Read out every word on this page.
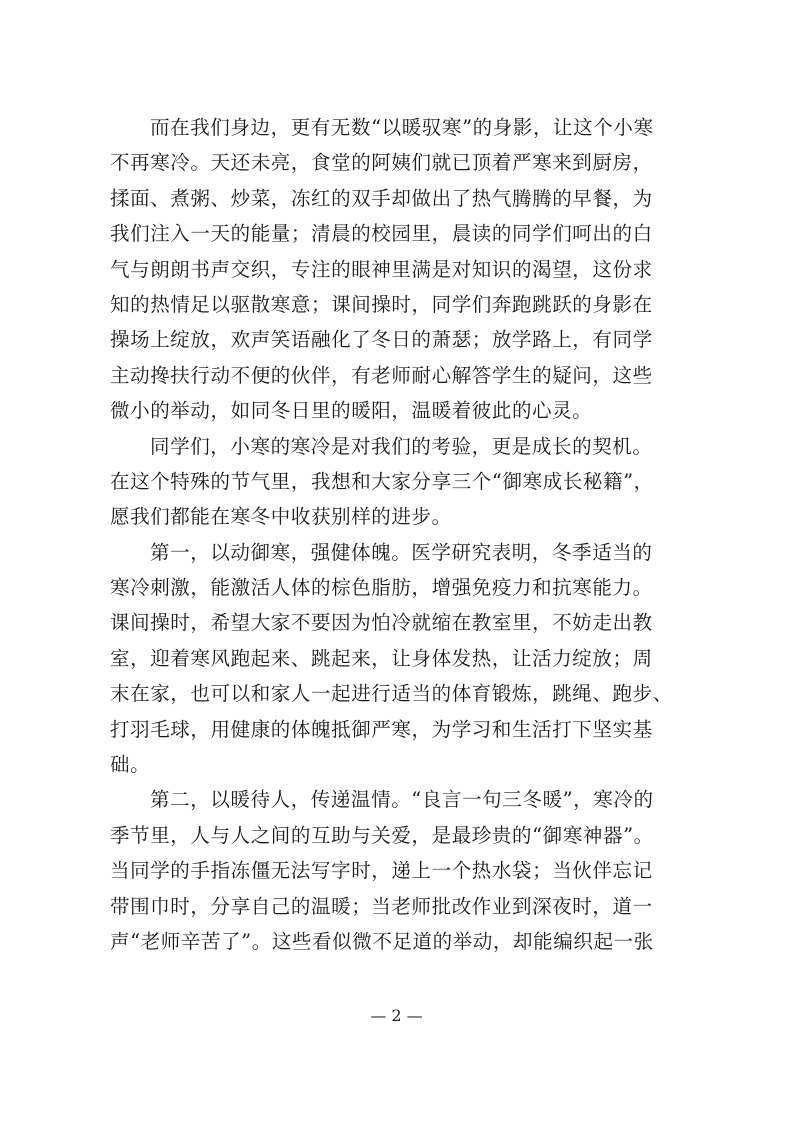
而在我们身边，更有无数“以暖驭寒”的身影，让这个小寒
不再寒冷。天还未亮，食堂的阿姨们就已顶着严寒来到厨房，
揉面、煮粥、炒菜，冻红的双手却做出了热气腾腾的早餐，为
我们注入一天的能量；清晨的校园里，晨读的同学们呵出的白
气与朗朗书声交织，专注的眼神里满是对知识的渴望，这份求
知的热情足以驱散寒意；课间操时，同学们奔跑跳跃的身影在
操场上绽放，欢声笑语融化了冬日的萧瑟；放学路上，有同学
主动搀扶行动不便的伙伴，有老师耐心解答学生的疑问，这些
微小的举动，如同冬日里的暖阳，温暖着彼此的心灵。
同学们，小寒的寒冷是对我们的考验，更是成长的契机。
在这个特殊的节气里，我想和大家分享三个“御寒成长秘籍”，
愿我们都能在寒冬中收获别样的进步。
第一，以动御寒，强健体魄。医学研究表明，冬季适当的
寒冷刺激，能激活人体的棕色脂肪，增强免疫力和抗寒能力。
课间操时，希望大家不要因为怕冷就缩在教室里，不妨走出教
室，迎着寒风跑起来、跳起来，让身体发热，让活力绽放；周
末在家，也可以和家人一起进行适当的体育锻炼，跳绳、跑步、
打羽毛球，用健康的体魄抵御严寒，为学习和生活打下坚实基
础。
第二，以暖待人，传递温情。“良言一句三冬暖”，寒冷的
季节里，人与人之间的互助与关爱，是最珍贵的“御寒神器”。
当同学的手指冻僵无法写字时，递上一个热水袋；当伙伴忘记
带围巾时，分享自己的温暖；当老师批改作业到深夜时，道一
声“老师辛苦了”。这些看似微不足道的举动，却能编织起一张
— 2 —
